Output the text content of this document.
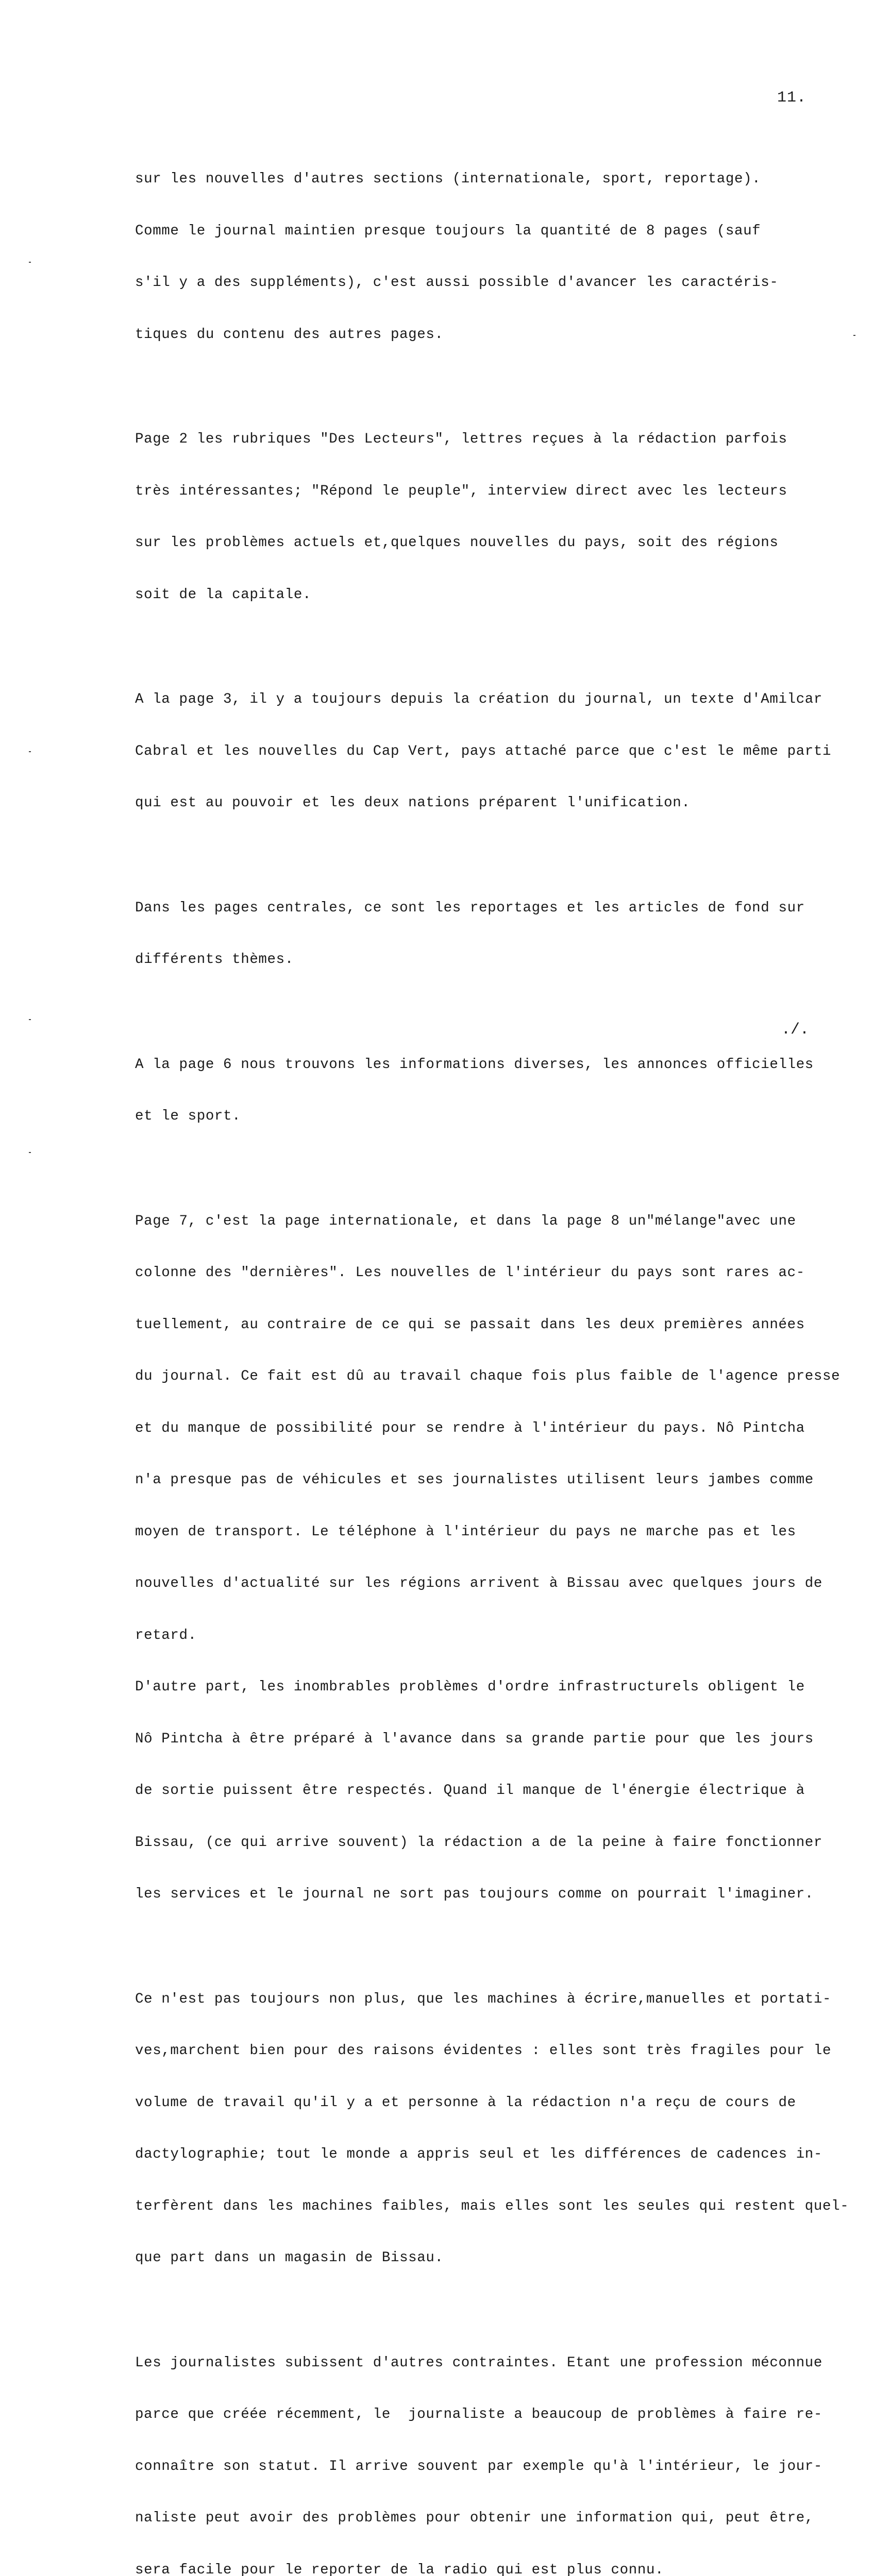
11.

sur les nouvelles d'autres sections (internationale, sport, reportage).

Comme le journal maintien presque toujours la quantité de 8 pages (sauf

s'il y a des suppléments), c'est aussi possible d'avancer les caractéris-

tiques du contenu des autres pages.

Page 2 les rubriques "Des Lecteurs", lettres reçues à la rédaction parfois

très intéressantes; "Répond le peuple", interview direct avec les lecteurs

sur les problèmes actuels et,quelques nouvelles du pays, soit des régions

soit de la capitale.

A la page 3, il y a toujours depuis la création du journal, un texte d'Amilcar

Cabral et les nouvelles du Cap Vert, pays attaché parce que c'est le même parti

qui est au pouvoir et les deux nations préparent l'unification.

Dans les pages centrales, ce sont les reportages et les articles de fond sur

différents thèmes.

A la page 6 nous trouvons les informations diverses, les annonces officielles

et le sport.

Page 7, c'est la page internationale, et dans la page 8 un"mélange"avec une

colonne des "dernières". Les nouvelles de l'intérieur du pays sont rares ac-

tuellement, au contraire de ce qui se passait dans les deux premières années

du journal. Ce fait est dû au travail chaque fois plus faible de l'agence presse

et du manque de possibilité pour se rendre à l'intérieur du pays. Nô Pintcha

n'a presque pas de véhicules et ses journalistes utilisent leurs jambes comme

moyen de transport. Le téléphone à l'intérieur du pays ne marche pas et les

nouvelles d'actualité sur les régions arrivent à Bissau avec quelques jours de

retard.

D'autre part, les inombrables problèmes d'ordre infrastructurels obligent le

Nô Pintcha à être préparé à l'avance dans sa grande partie pour que les jours

de sortie puissent être respectés. Quand il manque de l'énergie électrique à

Bissau, (ce qui arrive souvent) la rédaction a de la peine à faire fonctionner

les services et le journal ne sort pas toujours comme on pourrait l'imaginer.

Ce n'est pas toujours non plus, que les machines à écrire,manuelles et portati-

ves,marchent bien pour des raisons évidentes : elles sont très fragiles pour le

volume de travail qu'il y a et personne à la rédaction n'a reçu de cours de

dactylographie; tout le monde a appris seul et les différences de cadences in-

terfèrent dans les machines faibles, mais elles sont les seules qui restent quel-

que part dans un magasin de Bissau.

Les journalistes subissent d'autres contraintes. Etant une profession méconnue

parce que créée récemment, le  journaliste a beaucoup de problèmes à faire re-

connaître son statut. Il arrive souvent par exemple qu'à l'intérieur, le jour-

naliste peut avoir des problèmes pour obtenir une information qui, peut être,

sera facile pour le reporter de la radio qui est plus connu.

./.
